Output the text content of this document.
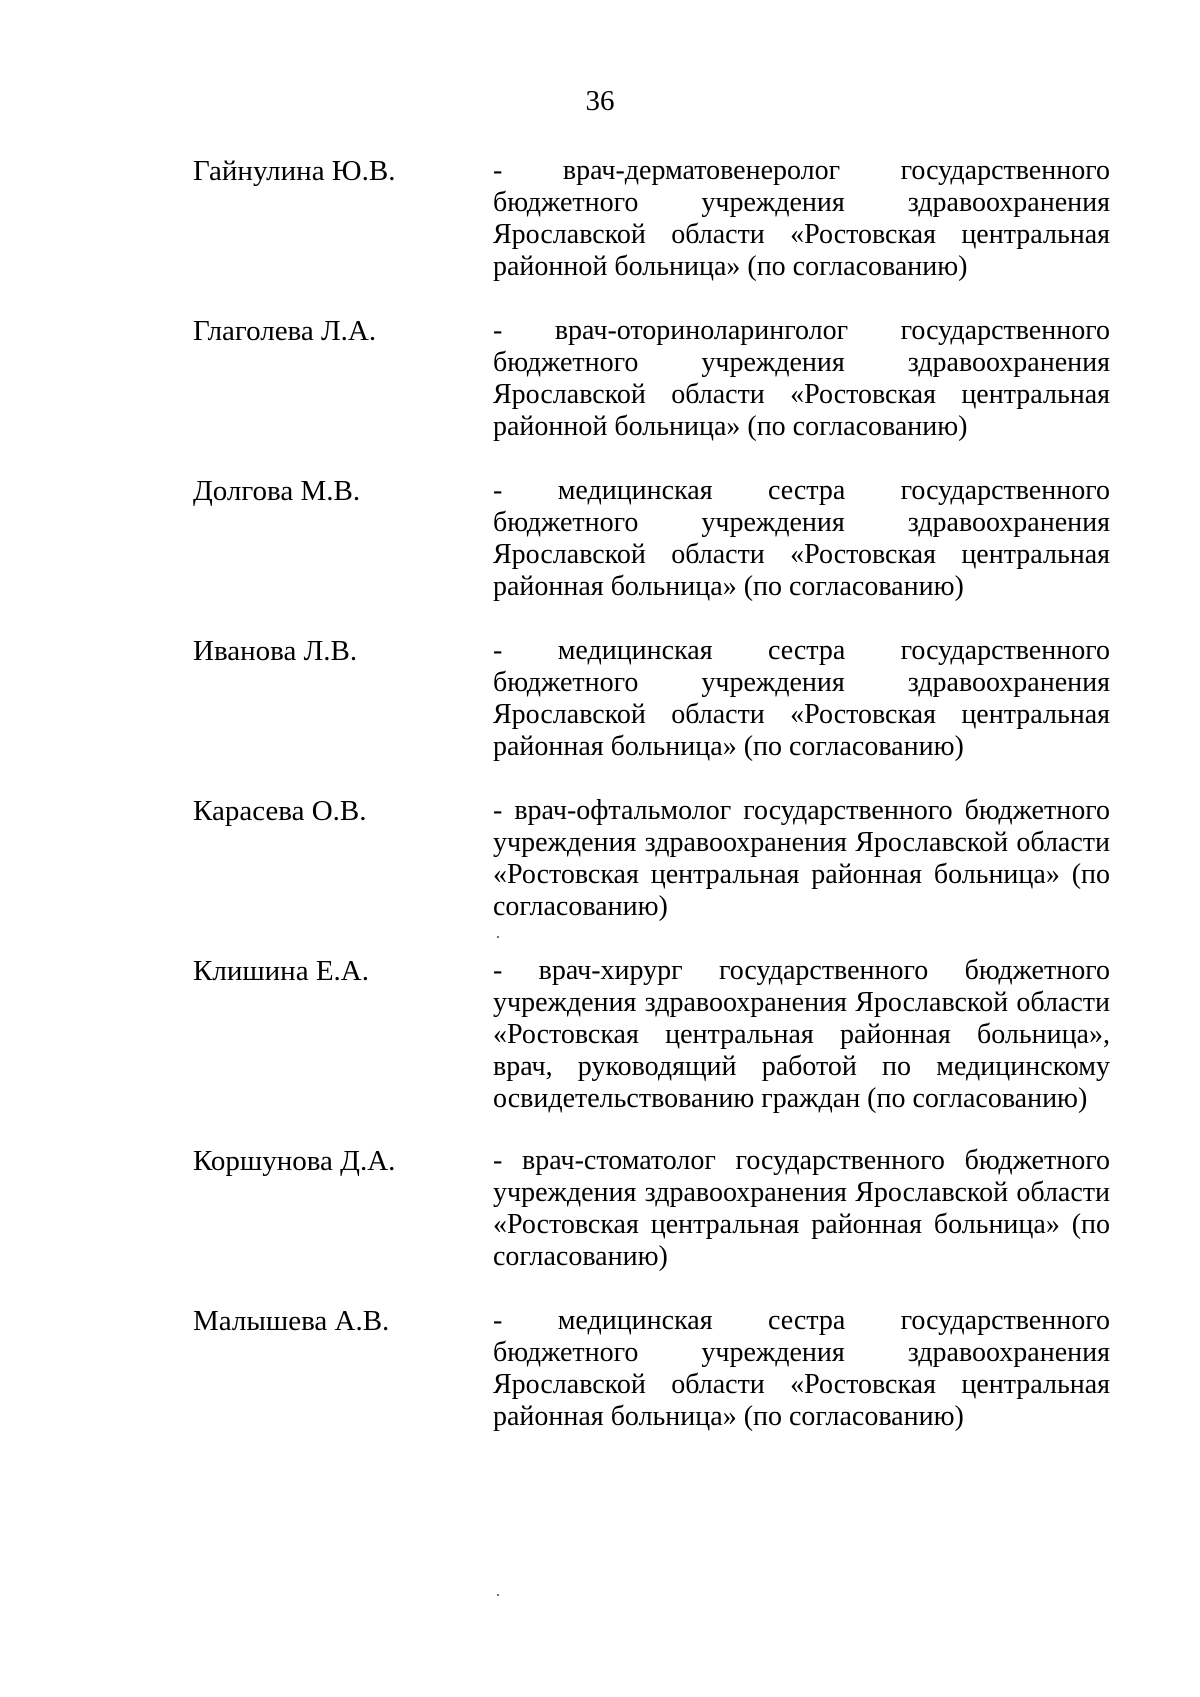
36
Гайнулина Ю.В.	- врач-дерматовенеролог государственного бюджетного учреждения здравоохранения Ярославской области «Ростовская центральная районной больница» (по согласованию)
Глаголева Л.А.	- врач-оториноларинголог государственного бюджетного учреждения здравоохранения Ярославской области «Ростовская центральная районной больница» (по согласованию)
Долгова М.В.	- медицинская сестра государственного бюджетного учреждения здравоохранения Ярославской области «Ростовская центральная районная больница» (по согласованию)
Иванова Л.В.	- медицинская сестра государственного бюджетного учреждения здравоохранения Ярославской области «Ростовская центральная районная больница» (по согласованию)
Карасева О.В.	- врач-офтальмолог государственного бюджетного учреждения здравоохранения Ярославской области «Ростовская центральная районная больница» (по согласованию)
Клишина Е.А.	- врач-хирург государственного бюджетного учреждения здравоохранения Ярославской области «Ростовская центральная районная больница», врач, руководящий работой по медицинскому освидетельствованию граждан (по согласованию)
Коршунова Д.А.	- врач-стоматолог государственного бюджетного учреждения здравоохранения Ярославской области «Ростовская центральная районная больница» (по согласованию)
Малышева А.В.	- медицинская сестра государственного бюджетного учреждения здравоохранения Ярославской области «Ростовская центральная районная больница» (по согласованию)
